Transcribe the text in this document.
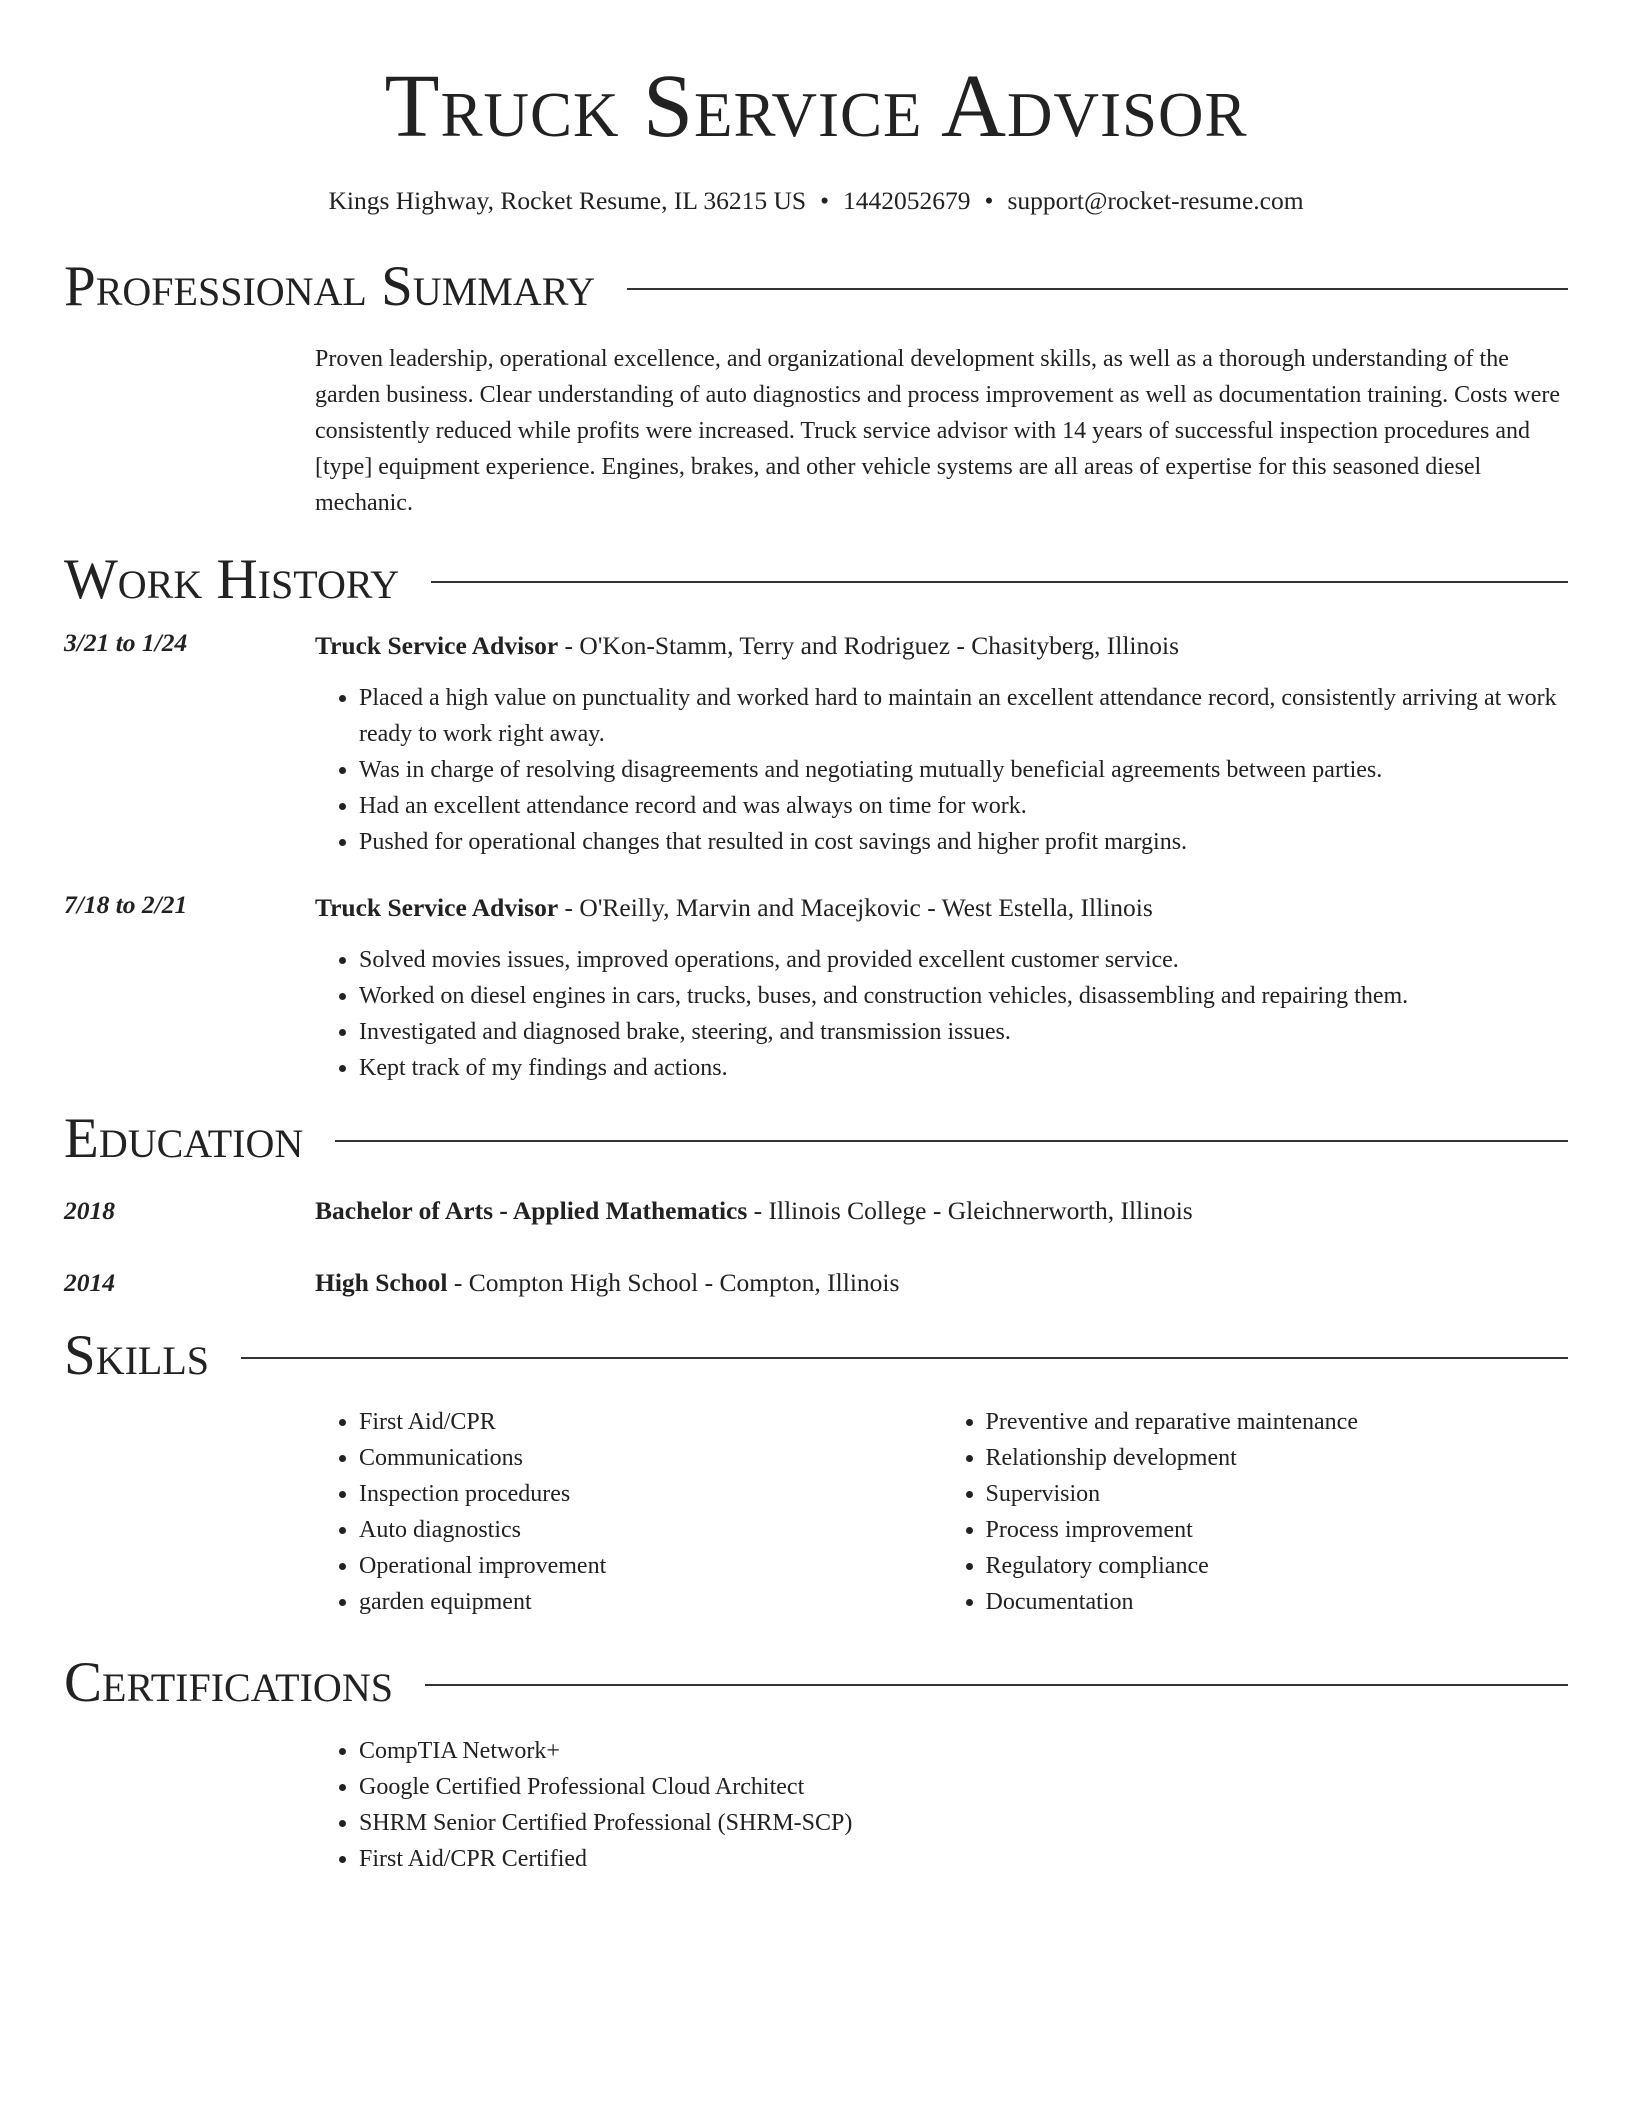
Truck Service Advisor
Kings Highway, Rocket Resume, IL 36215 US • 1442052679 • support@rocket-resume.com
Professional Summary
Proven leadership, operational excellence, and organizational development skills, as well as a thorough understanding of the garden business. Clear understanding of auto diagnostics and process improvement as well as documentation training. Costs were consistently reduced while profits were increased. Truck service advisor with 14 years of successful inspection procedures and [type] equipment experience. Engines, brakes, and other vehicle systems are all areas of expertise for this seasoned diesel mechanic.
Work History
3/21 to 1/24	Truck Service Advisor - O'Kon-Stamm, Terry and Rodriguez - Chasityberg, Illinois
• Placed a high value on punctuality and worked hard to maintain an excellent attendance record, consistently arriving at work ready to work right away.
• Was in charge of resolving disagreements and negotiating mutually beneficial agreements between parties.
• Had an excellent attendance record and was always on time for work.
• Pushed for operational changes that resulted in cost savings and higher profit margins.
7/18 to 2/21	Truck Service Advisor - O'Reilly, Marvin and Macejkovic - West Estella, Illinois
• Solved movies issues, improved operations, and provided excellent customer service.
• Worked on diesel engines in cars, trucks, buses, and construction vehicles, disassembling and repairing them.
• Investigated and diagnosed brake, steering, and transmission issues.
• Kept track of my findings and actions.
Education
2018	Bachelor of Arts - Applied Mathematics - Illinois College - Gleichnerworth, Illinois
2014	High School - Compton High School - Compton, Illinois
Skills
• First Aid/CPR
• Communications
• Inspection procedures
• Auto diagnostics
• Operational improvement
• garden equipment
• Preventive and reparative maintenance
• Relationship development
• Supervision
• Process improvement
• Regulatory compliance
• Documentation
Certifications
• CompTIA Network+
• Google Certified Professional Cloud Architect
• SHRM Senior Certified Professional (SHRM-SCP)
• First Aid/CPR Certified
